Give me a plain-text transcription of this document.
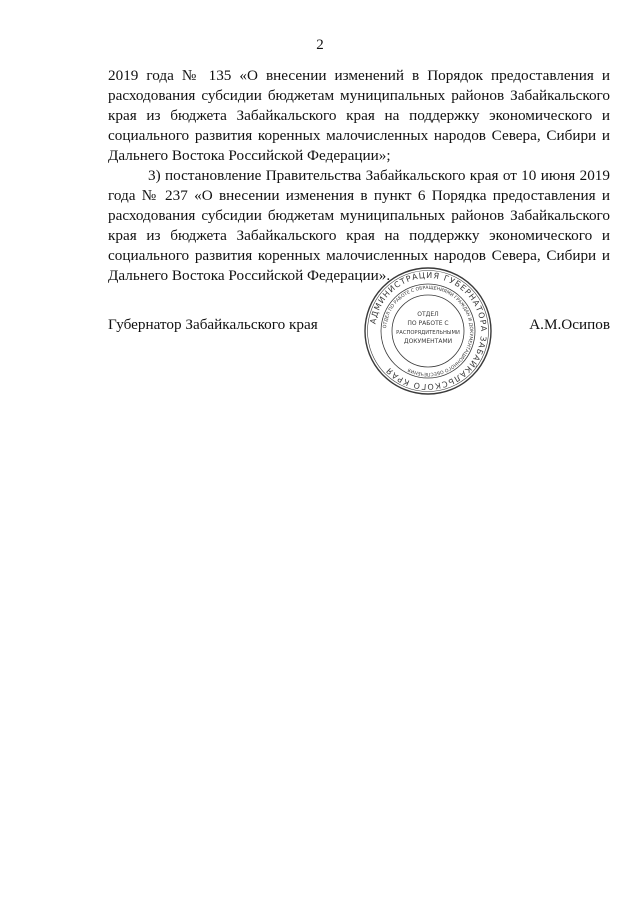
2

2019 года № 135 «О внесении изменений в Порядок предоставления и расходования субсидии бюджетам муниципальных районов Забайкальского края из бюджета Забайкальского края на поддержку экономического и социального развития коренных малочисленных народов Севера, Сибири и Дальнего Востока Российской Федерации»;

3) постановление Правительства Забайкальского края от 10 июня 2019 года № 237 «О внесении изменения в пункт 6 Порядка предоставления и расходования субсидии бюджетам муниципальных районов Забайкальского края из бюджета Забайкальского края на поддержку экономического и социального развития коренных малочисленных народов Севера, Сибири и Дальнего Востока Российской Федерации».

Губернатор Забайкальского края	А.М.Осипов
АДМИНИСТРАЦИЯ ГУБЕРНАТОРА ЗАБАЙКАЛЬСКОГО КРАЯ
ОТДЕЛ ПО РАБОТЕ С ОБРАЩЕНИЯМИ ГРАЖДАН И ДОКУМЕНТАЦИОННОГО ОБЕСПЕЧЕНИЯ
ОТДЕЛ
ПО РАБОТЕ С
РАСПОРЯДИТЕЛЬНЫМИ
ДОКУМЕНТАМИ
